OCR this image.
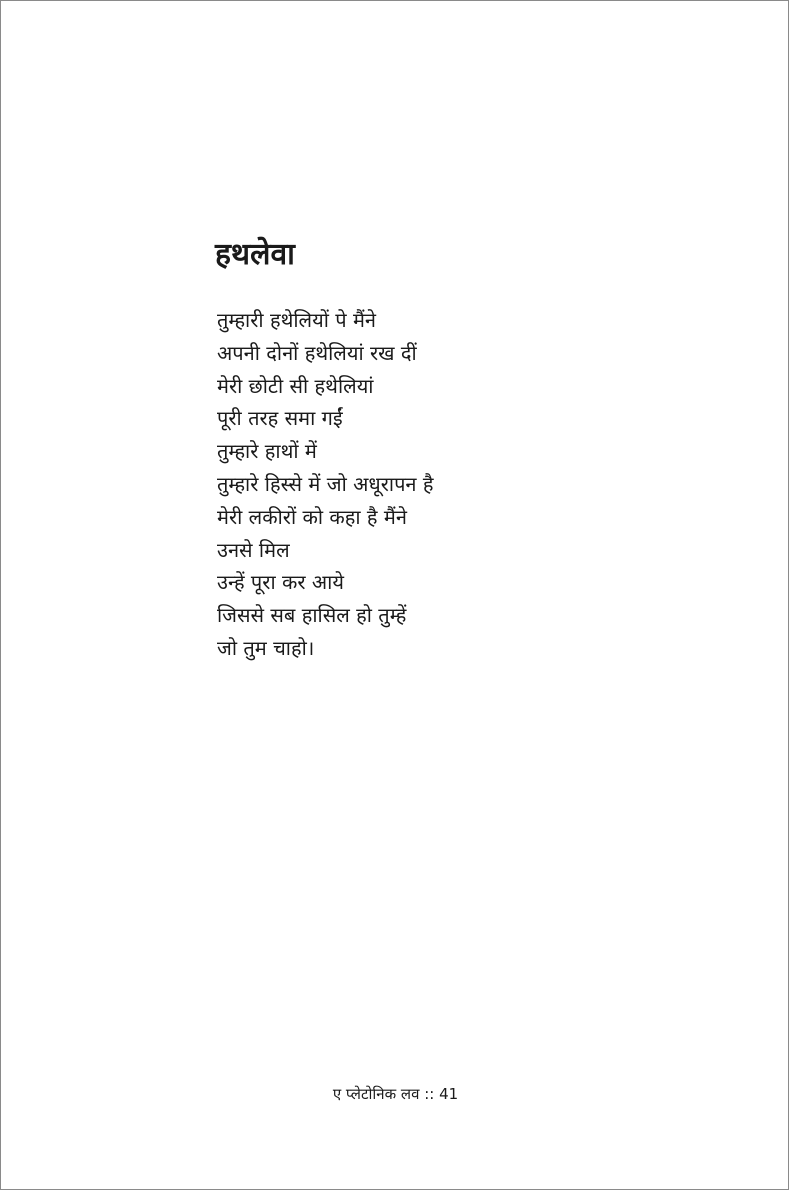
हथलेवा
तुम्हारी हथेलियों पे मैंने
अपनी दोनों हथेलियां रख दीं
मेरी छोटी सी हथेलियां
पूरी तरह समा गईं
तुम्हारे हाथों में
तुम्हारे हिस्से में जो अधूरापन है
मेरी लकीरों को कहा है मैंने
उनसे मिल
उन्हें पूरा कर आये
जिससे सब हासिल हो तुम्हें
जो तुम चाहो।
ए प्लेटोनिक लव :: 41
